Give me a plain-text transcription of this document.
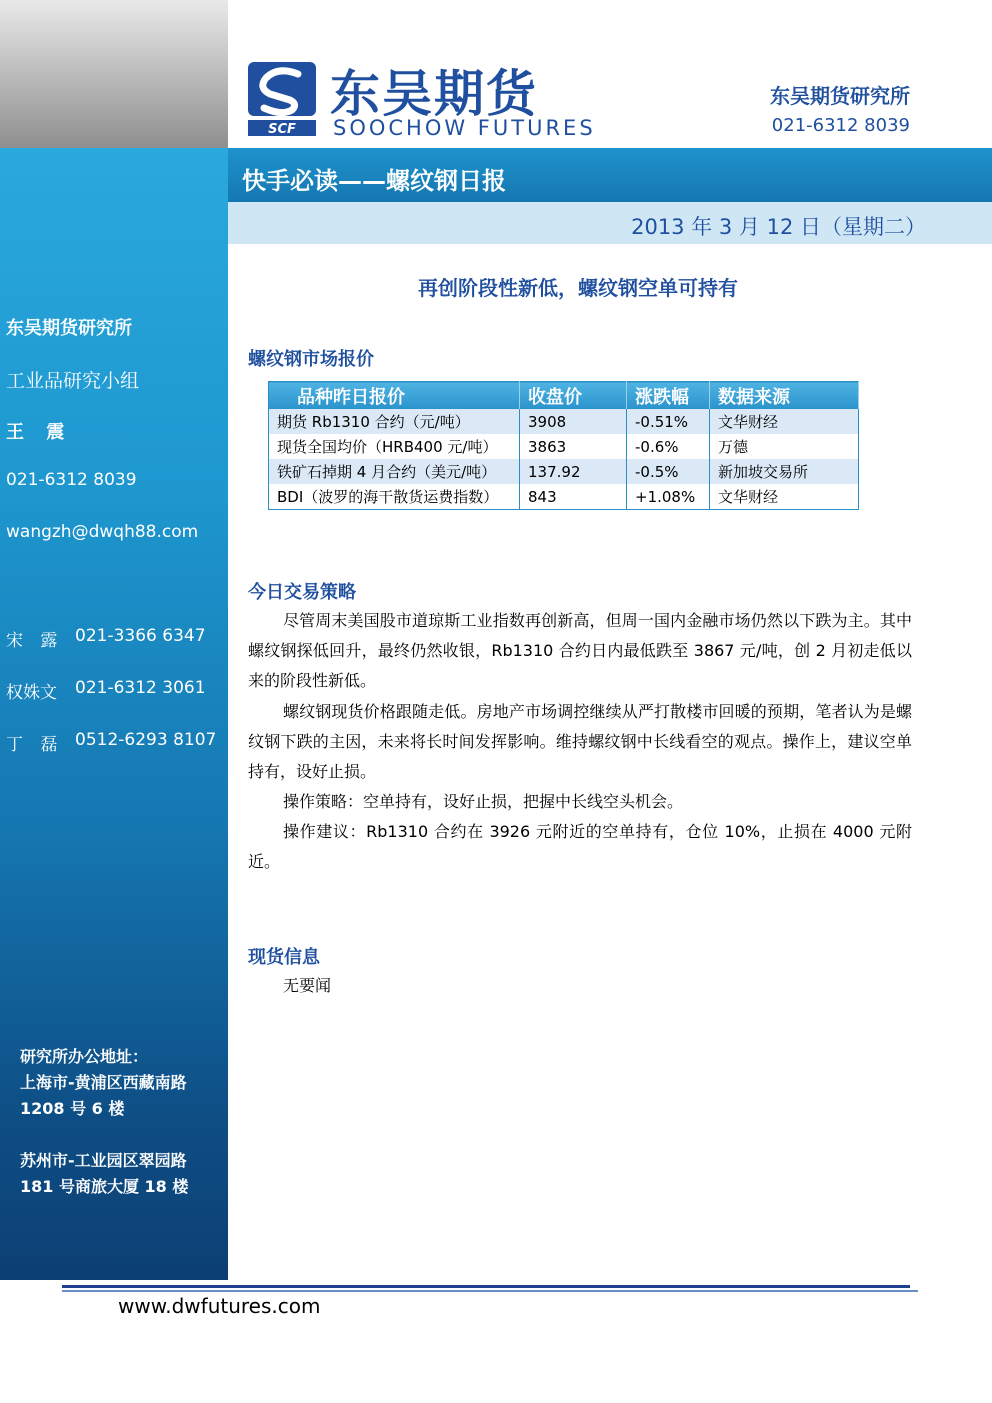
东吴期货研究所
工业品研究小组
王 震
021-6312 8039
wangzh@dwqh88.com
宋 露 021-3366 6347
权姝文 021-6312 3061
丁 磊 0512-6293 8107
研究所办公地址：
上海市-黄浦区西藏南路
1208 号 6 楼
苏州市-工业园区翠园路
181 号商旅大厦 18 楼
SCF
东吴期货
SOOCHOW FUTURES
东吴期货研究所
021-6312 8039
快手必读——螺纹钢日报
2013 年 3 月 12 日（星期二）
再创阶段性新低，螺纹钢空单可持有
螺纹钢市场报价
品种昨日报价	收盘价	涨跌幅	数据来源
期货 Rb1310 合约（元/吨）	3908	-0.51%	文华财经
现货全国均价（HRB400 元/吨）	3863	-0.6%	万德
铁矿石掉期 4 月合约（美元/吨）	137.92	-0.5%	新加坡交易所
BDI（波罗的海干散货运费指数）	843	+1.08%	文华财经
今日交易策略
尽管周末美国股市道琼斯工业指数再创新高，但周一国内金融市场仍然以下跌为主。其中螺纹钢探低回升，最终仍然收银，Rb1310 合约日内最低跌至 3867 元/吨，创 2 月初走低以来的阶段性新低。
螺纹钢现货价格跟随走低。房地产市场调控继续从严打散楼市回暖的预期，笔者认为是螺纹钢下跌的主因，未来将长时间发挥影响。维持螺纹钢中长线看空的观点。操作上，建议空单持有，设好止损。
操作策略：空单持有，设好止损，把握中长线空头机会。
操作建议：Rb1310 合约在 3926 元附近的空单持有，仓位 10%，止损在 4000 元附近。
现货信息
无要闻
www.dwfutures.com
